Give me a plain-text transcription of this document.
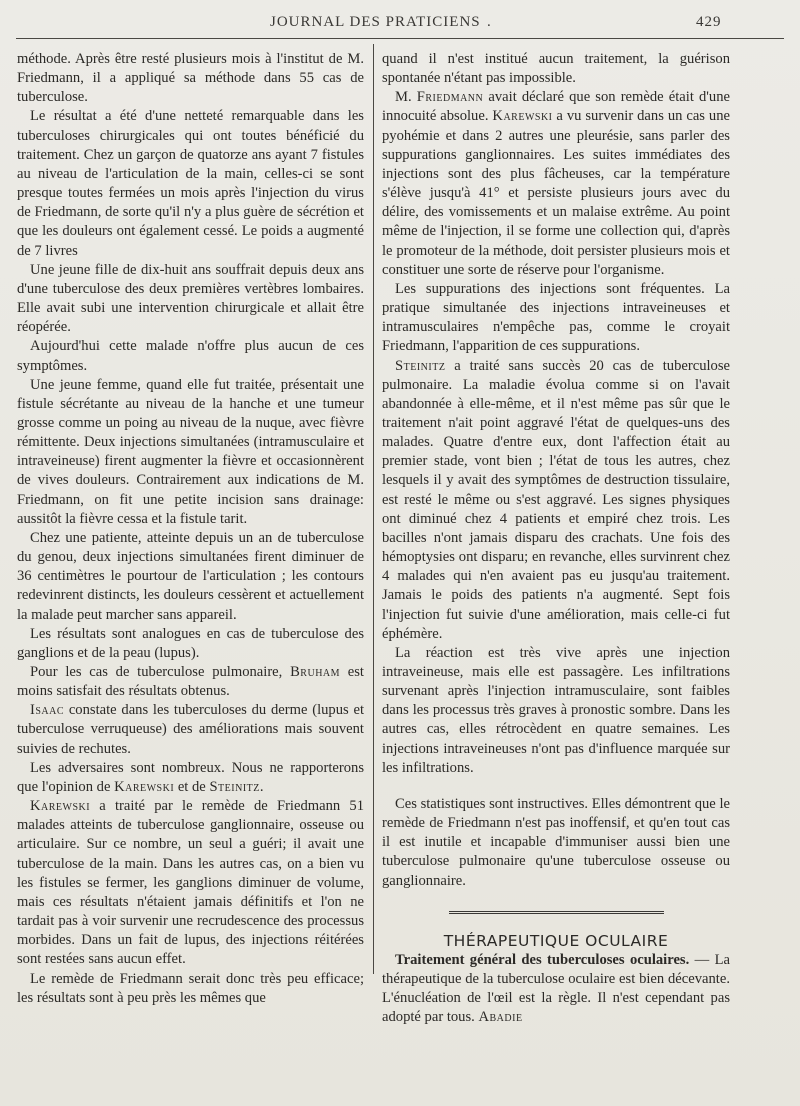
JOURNAL DES PRATICIENS .	429

méthode. Après être resté plusieurs mois à l'institut de M. Friedmann, il a appliqué sa méthode dans 55 cas de tuberculose.

Le résultat a été d'une netteté remarquable dans les tuberculoses chirurgicales qui ont toutes bénéficié du traitement. Chez un garçon de quatorze ans ayant 7 fistules au niveau de l'articulation de la main, celles-ci se sont presque toutes fermées un mois après l'injection du virus de Friedmann, de sorte qu'il n'y a plus guère de sécrétion et que les douleurs ont également cessé. Le poids a augmenté de 7 livres

Une jeune fille de dix-huit ans souffrait depuis deux ans d'une tuberculose des deux premières vertèbres lombaires. Elle avait subi une intervention chirurgicale et allait être réopérée.

Aujourd'hui cette malade n'offre plus aucun de ces symptômes.

Une jeune femme, quand elle fut traitée, présentait une fistule sécrétante au niveau de la hanche et une tumeur grosse comme un poing au niveau de la nuque, avec fièvre rémittente. Deux injections simultanées (intramusculaire et intraveineuse) firent augmenter la fièvre et occasionnèrent de vives douleurs. Contrairement aux indications de M. Friedmann, on fit une petite incision sans drainage: aussitôt la fièvre cessa et la fistule tarit.

Chez une patiente, atteinte depuis un an de tuberculose du genou, deux injections simultanées firent diminuer de 36 centimètres le pourtour de l'articulation ; les contours redevinrent distincts, les douleurs cessèrent et actuellement la malade peut marcher sans appareil.

Les résultats sont analogues en cas de tuberculose des ganglions et de la peau (lupus).

Pour les cas de tuberculose pulmonaire, Bruham est moins satisfait des résultats obtenus.

Isaac constate dans les tuberculoses du derme (lupus et tuberculose verruqueuse) des améliorations mais souvent suivies de rechutes.

Les adversaires sont nombreux. Nous ne rapporterons que l'opinion de Karewski et de Steinitz.

Karewski a traité par le remède de Friedmann 51 malades atteints de tuberculose ganglionnaire, osseuse ou articulaire. Sur ce nombre, un seul a guéri; il avait une tuberculose de la main. Dans les autres cas, on a bien vu les fistules se fermer, les ganglions diminuer de volume, mais ces résultats n'étaient jamais définitifs et l'on ne tardait pas à voir survenir une recrudescence des processus morbides. Dans un fait de lupus, des injections réitérées sont restées sans aucun effet.

Le remède de Friedmann serait donc très peu efficace; les résultats sont à peu près les mêmes que

quand il n'est institué aucun traitement, la guérison spontanée n'étant pas impossible.

M. Friedmann avait déclaré que son remède était d'une innocuité absolue. Karewski a vu survenir dans un cas une pyohémie et dans 2 autres une pleurésie, sans parler des suppurations ganglionnaires. Les suites immédiates des injections sont des plus fâcheuses, car la température s'élève jusqu'à 41° et persiste plusieurs jours avec du délire, des vomissements et un malaise extrême. Au point même de l'injection, il se forme une collection qui, d'après le promoteur de la méthode, doit persister plusieurs mois et constituer une sorte de réserve pour l'organisme.

Les suppurations des injections sont fréquentes. La pratique simultanée des injections intraveineuses et intramusculaires n'empêche pas, comme le croyait Friedmann, l'apparition de ces suppurations.

Steinitz a traité sans succès 20 cas de tuberculose pulmonaire. La maladie évolua comme si on l'avait abandonnée à elle-même, et il n'est même pas sûr que le traitement n'ait point aggravé l'état de quelques-uns des malades. Quatre d'entre eux, dont l'affection était au premier stade, vont bien ; l'état de tous les autres, chez lesquels il y avait des symptômes de destruction tissulaire, est resté le même ou s'est aggravé. Les signes physiques ont diminué chez 4 patients et empiré chez trois. Les bacilles n'ont jamais disparu des crachats. Une fois des hémoptysies ont disparu; en revanche, elles survinrent chez 4 malades qui n'en avaient pas eu jusqu'au traitement. Jamais le poids des patients n'a augmenté. Sept fois l'injection fut suivie d'une amélioration, mais celle-ci fut éphémère.

La réaction est très vive après une injection intraveineuse, mais elle est passagère. Les infiltrations survenant après l'injection intramusculaire, sont faibles dans les processus très graves à pronostic sombre. Dans les autres cas, elles rétrocèdent en quatre semaines. Les injections intraveineuses n'ont pas d'influence marquée sur les infiltrations.

Ces statistiques sont instructives. Elles démontrent que le remède de Friedmann n'est pas inoffensif, et qu'en tout cas il est inutile et incapable d'immuniser aussi bien une tuberculose pulmonaire qu'une tuberculose osseuse ou ganglionnaire.

THÉRAPEUTIQUE OCULAIRE

Traitement général des tuberculoses oculaires. — La thérapeutique de la tuberculose oculaire est bien décevante. L'énucléation de l'œil est la règle. Il n'est cependant pas adopté par tous. Abadie
